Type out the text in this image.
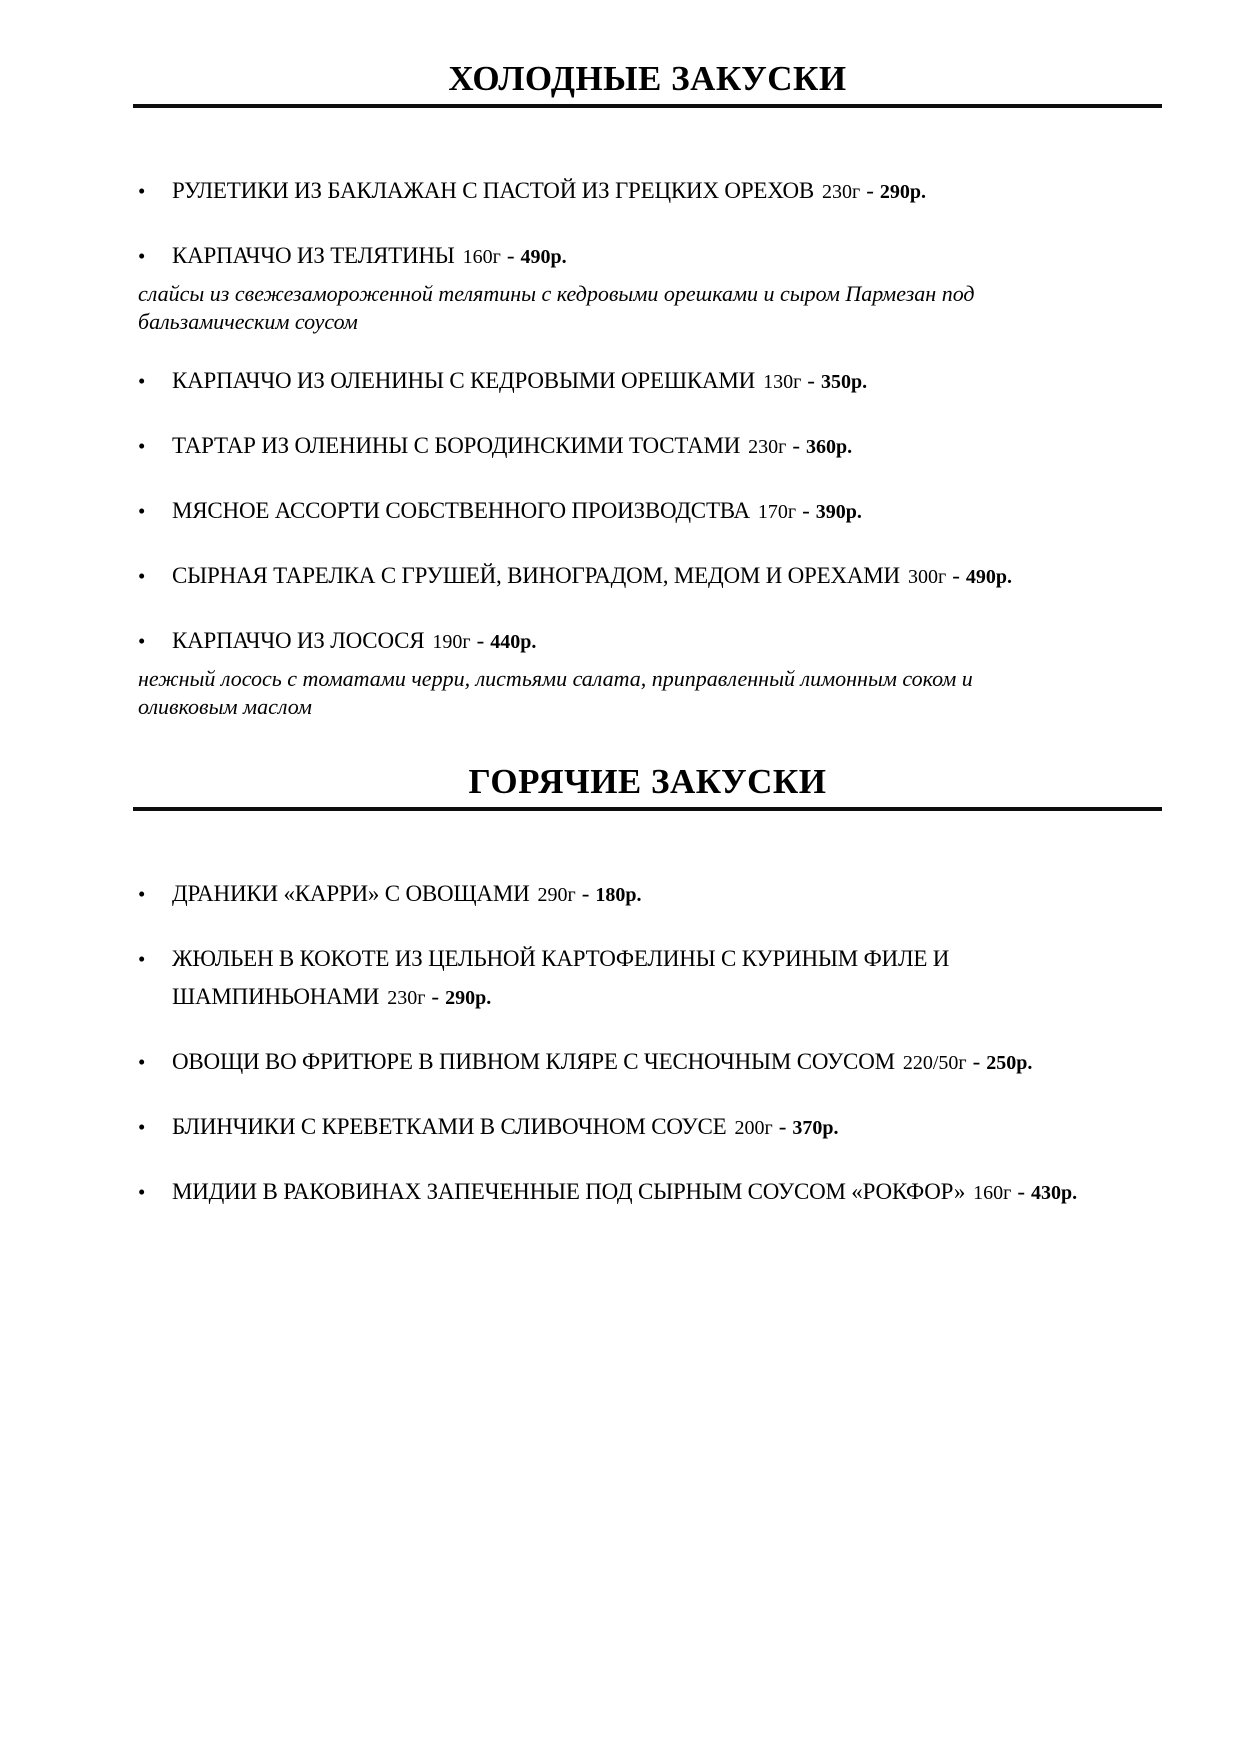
ХОЛОДНЫЕ ЗАКУСКИ
• РУЛЕТИКИ ИЗ БАКЛАЖАН С ПАСТОЙ ИЗ ГРЕЦКИХ ОРЕХОВ 230г - 290р.
• КАРПАЧЧО ИЗ ТЕЛЯТИНЫ 160г - 490р.
слайсы из свежезамороженной телятины с кедровыми орешками и сыром Пармезан под бальзамическим соусом
• КАРПАЧЧО ИЗ ОЛЕНИНЫ С КЕДРОВЫМИ ОРЕШКАМИ 130г - 350р.
• ТАРТАР ИЗ ОЛЕНИНЫ С БОРОДИНСКИМИ ТОСТАМИ 230г - 360р.
• МЯСНОЕ АССОРТИ СОБСТВЕННОГО ПРОИЗВОДСТВА 170г - 390р.
• СЫРНАЯ ТАРЕЛКА С ГРУШЕЙ, ВИНОГРАДОМ, МЕДОМ И ОРЕХАМИ 300г - 490р.
• КАРПАЧЧО ИЗ ЛОСОСЯ 190г - 440р.
нежный лосось с томатами черри, листьями салата, приправленный лимонным соком и оливковым маслом
ГОРЯЧИЕ ЗАКУСКИ
• ДРАНИКИ «КАРРИ» С ОВОЩАМИ 290г - 180р.
• ЖЮЛЬЕН В КОКОТЕ ИЗ ЦЕЛЬНОЙ КАРТОФЕЛИНЫ С КУРИНЫМ ФИЛЕ И ШАМПИНЬОНАМИ 230г - 290р.
• ОВОЩИ ВО ФРИТЮРЕ В ПИВНОМ КЛЯРЕ С ЧЕСНОЧНЫМ СОУСОМ 220/50г - 250р.
• БЛИНЧИКИ С КРЕВЕТКАМИ В СЛИВОЧНОМ СОУСЕ 200г - 370р.
• МИДИИ В РАКОВИНАХ ЗАПЕЧЕННЫЕ ПОД СЫРНЫМ СОУСОМ «РОКФОР» 160г - 430р.
